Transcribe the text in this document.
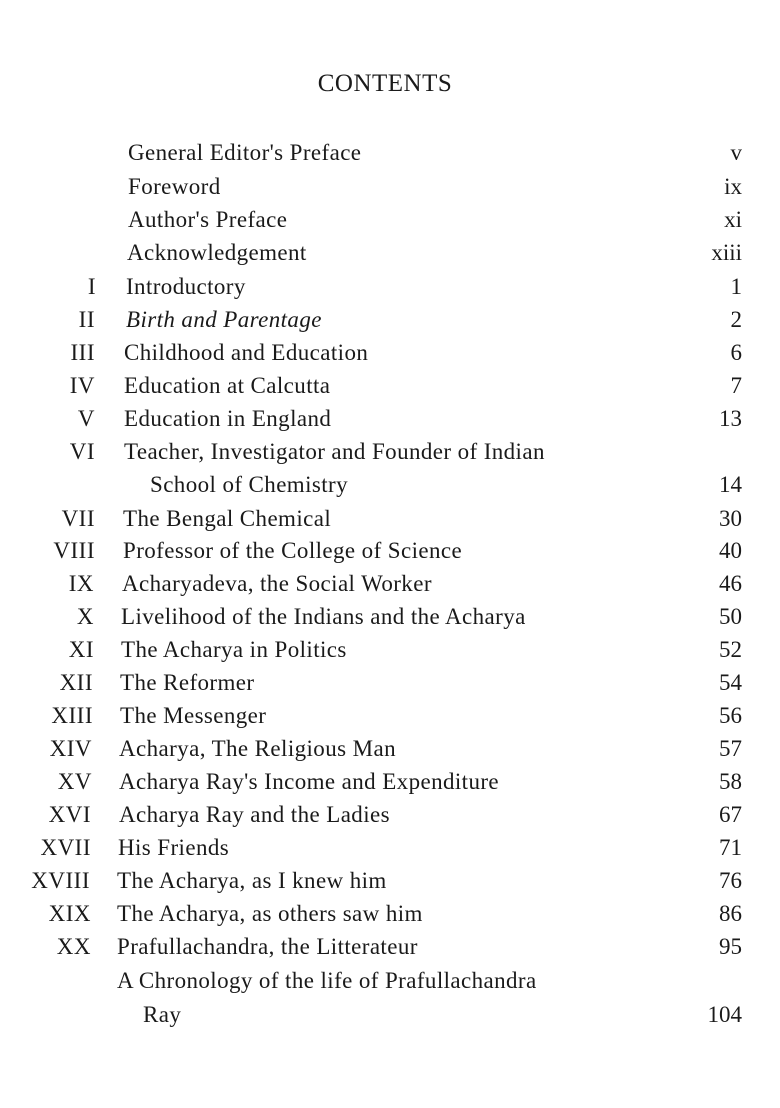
CONTENTS
General Editor's Preface	v
Foreword	ix
Author's Preface	xi
Acknowledgement	xiii
I Introductory	1
II Birth and Parentage	2
III Childhood and Education	6
IV Education at Calcutta	7
V Education in England	13
VI Teacher, Investigator and Founder of Indian
School of Chemistry	14
VII The Bengal Chemical	30
VIII Professor of the College of Science	40
IX Acharyadeva, the Social Worker	46
X Livelihood of the Indians and the Acharya	50
XI The Acharya in Politics	52
XII The Reformer	54
XIII The Messenger	56
XIV Acharya, The Religious Man	57
XV Acharya Ray's Income and Expenditure	58
XVI Acharya Ray and the Ladies	67
XVII His Friends	71
XVIII The Acharya, as I knew him	76
XIX The Acharya, as others saw him	86
XX Prafullachandra, the Litterateur	95
A Chronology of the life of Prafullachandra
Ray	104
